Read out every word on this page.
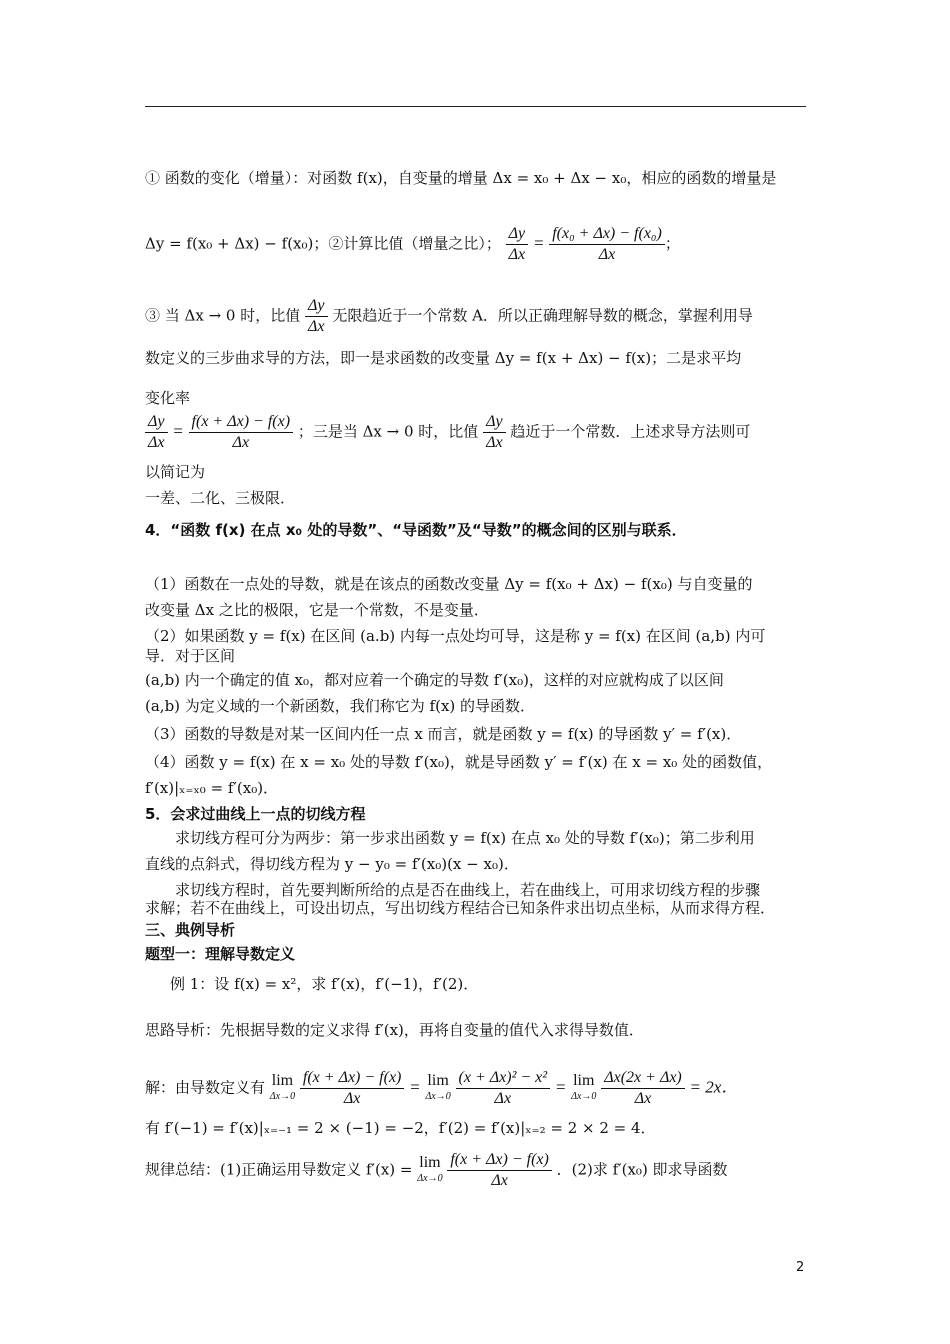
① 函数的变化（增量）：对函数 f(x)，自变量的增量 Δx = x₀ + Δx − x₀，相应的函数的增量是
Δy = f(x₀ + Δx) − f(x₀)；②计算比值（增量之比）； $\frac{\Delta y}{\Delta x} = \frac{\text{f(x₀ + Δx) − f(x₀)}}{\Delta x}$ ；
③ 当 Δx → 0 时，比值 $\frac{\Delta y}{\Delta x}$ 无限趋近于一个常数 A．所以正确理解导数的概念，掌握利用导
数定义的三步曲求导的方法，即一是求函数的改变量 Δy = f(x + Δx) − f(x)；二是求平均
变化率
$\frac{\Delta y}{\Delta x} = \frac{f(x + \Delta x) - f(x)}{\Delta x}$ ；三是当 Δx → 0 时，比值 $\frac{\Delta y}{\Delta x}$ 趋近于一个常数．上述求导方法则可
以简记为
一差、二化、三极限．
4．“函数 f(x) 在点 x₀ 处的导数”、“导函数”及“导数”的概念间的区别与联系．
（1）函数在一点处的导数，就是在该点的函数改变量 Δy = f(x₀ + Δx) − f(x₀) 与自变量的
改变量 Δx 之比的极限，它是一个常数，不是变量．
（2）如果函数 y = f(x) 在区间 (a.b) 内每一点处均可导，这是称 y = f(x) 在区间 (a,b) 内可
导．对于区间
(a,b) 内一个确定的值 x₀，都对应着一个确定的导数 f′(x₀)，这样的对应就构成了以区间
(a,b) 为定义域的一个新函数，我们称它为 f(x) 的导函数．
（3）函数的导数是对某一区间内任一点 x 而言，就是函数 y = f(x) 的导函数 y′ = f′(x)．
（4）函数 y = f(x) 在 x = x₀ 处的导数 f′(x₀)，就是导函数 y′ = f′(x) 在 x = x₀ 处的函数值，
f′(x)|ₓ₌ₓ₀ = f′(x₀)．
5．会求过曲线上一点的切线方程
求切线方程可分为两步：第一步求出函数 y = f(x) 在点 x₀ 处的导数 f′(x₀)；第二步利用
直线的点斜式，得切线方程为 y − y₀ = f′(x₀)(x − x₀)．
求切线方程时，首先要判断所给的点是否在曲线上，若在曲线上，可用求切线方程的步骤
求解；若不在曲线上，可设出切点，写出切线方程结合已知条件求出切点坐标，从而求得方程．
三、典例导析
题型一：理解导数定义
例 1：设 f(x) = x²，求 f′(x)，f′(−1)，f′(2)．
思路导析：先根据导数的定义求得 f′(x)，再将自变量的值代入求得导数值．
解：由导数定义有 lim
Δx→0
$\frac{f(x + \Delta x) - f(x)}{\Delta x} = \lim$
Δx→0
$\frac{\text{(x + Δx)² − x²}}{\Delta x} = \lim$
Δx→0
$\frac{\Delta x(2x + \Delta x)}{\Delta x} = 2x$．
有 f′(−1) = f′(x)|ₓ₌₋₁ = 2 × (−1) = −2，f′(2) = f′(x)|ₓ₌₂ = 2 × 2 = 4．
规律总结：(1)正确运用导数定义 f′(x) = lim
Δx→0
$\frac{f(x + \Delta x) - f(x)}{\Delta x}$ ．(2)求 f′(x₀) 即求导函数
2
